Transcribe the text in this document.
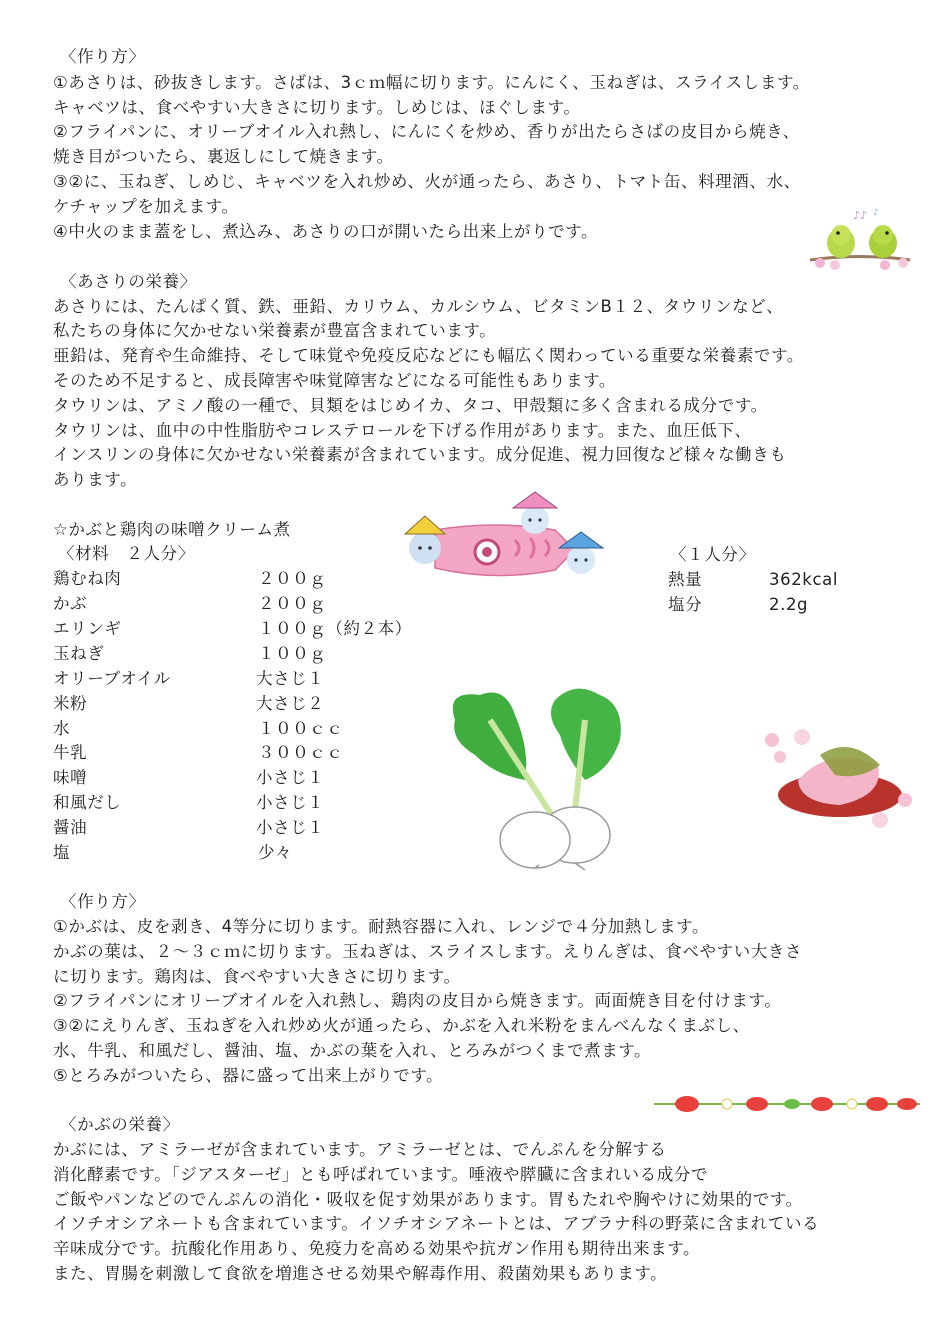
〈作り方〉
①あさりは、砂抜きします。さばは、3ｃｍ幅に切ります。にんにく、玉ねぎは、スライスします。
キャベツは、食べやすい大きさに切ります。しめじは、ほぐします。
②フライパンに、オリーブオイル入れ熱し、にんにくを炒め、香りが出たらさばの皮目から焼き、
焼き目がついたら、裏返しにして焼きます。
③②に、玉ねぎ、しめじ、キャベツを入れ炒め、火が通ったら、あさり、トマト缶、料理酒、水、
ケチャップを加えます。
④中火のまま蓋をし、煮込み、あさりの口が開いたら出来上がりです。
♪♪ ♪
〈あさりの栄養〉
あさりには、たんぱく質、鉄、亜鉛、カリウム、カルシウム、ビタミンB１２、タウリンなど、
私たちの身体に欠かせない栄養素が豊富含まれています。
亜鉛は、発育や生命維持、そして味覚や免疫反応などにも幅広く関わっている重要な栄養素です。
そのため不足すると、成長障害や味覚障害などになる可能性もあります。
タウリンは、アミノ酸の一種で、貝類をはじめイカ、タコ、甲殻類に多く含まれる成分です。
タウリンは、血中の中性脂肪やコレステロールを下げる作用があります。また、血圧低下、
インスリンの身体に欠かせない栄養素が含まれています。成分促進、視力回復など様々な働きも
あります。
☆かぶと鶏肉の味噌クリーム煮
〈材料　２人分〉
鶏むね肉	２００ｇ
かぶ	２００ｇ
エリンギ	１００ｇ（約２本）
玉ねぎ	１００ｇ
オリーブオイル	大さじ１
米粉	大さじ２
水	１００ｃｃ
牛乳	３００ｃｃ
味噌	小さじ１
和風だし	小さじ１
醤油	小さじ１
塩	少々
〈１人分〉
熱量	362kcal
塩分	2.2g
〈作り方〉
①かぶは、皮を剥き、4等分に切ります。耐熱容器に入れ、レンジで４分加熱します。
かぶの葉は、２～３ｃｍに切ります。玉ねぎは、スライスします。えりんぎは、食べやすい大きさ
に切ります。鶏肉は、食べやすい大きさに切ります。
②フライパンにオリーブオイルを入れ熱し、鶏肉の皮目から焼きます。両面焼き目を付けます。
③②にえりんぎ、玉ねぎを入れ炒め火が通ったら、かぶを入れ米粉をまんべんなくまぶし、
水、牛乳、和風だし、醤油、塩、かぶの葉を入れ、とろみがつくまで煮ます。
⑤とろみがついたら、器に盛って出来上がりです。
〈かぶの栄養〉
かぶには、アミラーゼが含まれています。アミラーゼとは、でんぷんを分解する
消化酵素です。「ジアスターゼ」とも呼ばれています。唾液や膵臓に含まれいる成分で
ご飯やパンなどのでんぷんの消化・吸収を促す効果があります。胃もたれや胸やけに効果的です。
イソチオシアネートも含まれています。イソチオシアネートとは、アブラナ科の野菜に含まれている
辛味成分です。抗酸化作用あり、免疫力を高める効果や抗ガン作用も期待出来ます。
また、胃腸を刺激して食欲を増進させる効果や解毒作用、殺菌効果もあります。
